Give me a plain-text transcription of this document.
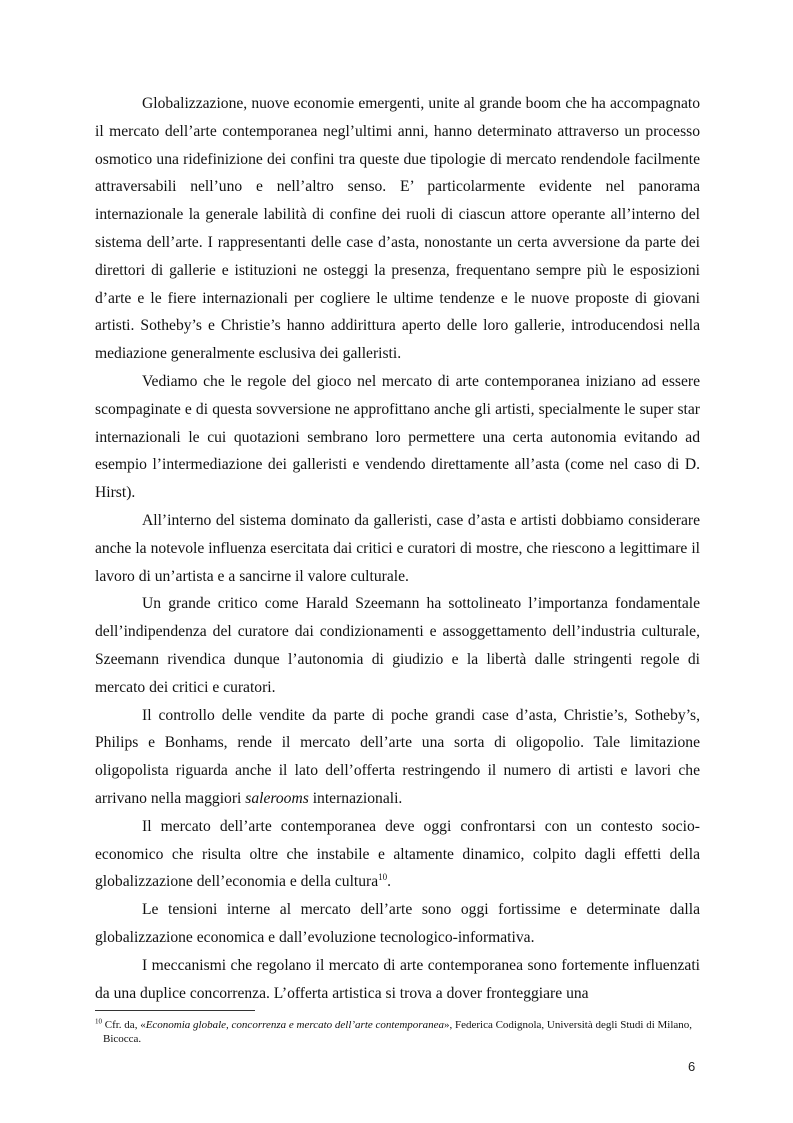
Globalizzazione, nuove economie emergenti, unite al grande boom che ha accompagnato il mercato dell’arte contemporanea negl’ultimi anni, hanno determinato attraverso un processo osmotico una ridefinizione dei confini tra queste due tipologie di mercato rendendole facilmente attraversabili nell’uno e nell’altro senso. E’ particolarmente evidente nel panorama internazionale la generale labilità di confine dei ruoli di ciascun attore operante all’interno del sistema dell’arte. I rappresentanti delle case d’asta, nonostante un certa avversione da parte dei direttori di gallerie e istituzioni ne osteggi la presenza, frequentano sempre più le esposizioni d’arte e le fiere internazionali per cogliere le ultime tendenze e le nuove proposte di giovani artisti. Sotheby’s e Christie’s hanno addirittura aperto delle loro gallerie, introducendosi nella mediazione generalmente esclusiva dei galleristi.

Vediamo che le regole del gioco nel mercato di arte contemporanea iniziano ad essere scompaginate e di questa sovversione ne approfittano anche gli artisti, specialmente le super star internazionali le cui quotazioni sembrano loro permettere una certa autonomia evitando ad esempio l’intermediazione dei galleristi e vendendo direttamente all’asta (come nel caso di D. Hirst).

All’interno del sistema dominato da galleristi, case d’asta e artisti dobbiamo considerare anche la notevole influenza esercitata dai critici e curatori di mostre, che riescono a legittimare il lavoro di un’artista e a sancirne il valore culturale.

Un grande critico come Harald Szeemann ha sottolineato l’importanza fondamentale dell’indipendenza del curatore dai condizionamenti e assoggettamento dell’industria culturale, Szeemann rivendica dunque l’autonomia di giudizio e la libertà dalle stringenti regole di mercato dei critici e curatori.

Il controllo delle vendite da parte di poche grandi case d’asta, Christie’s, Sotheby’s, Philips e Bonhams, rende il mercato dell’arte una sorta di oligopolio. Tale limitazione oligopolista riguarda anche il lato dell’offerta restringendo il numero di artisti e lavori che arrivano nella maggiori salerooms internazionali.

Il mercato dell’arte contemporanea deve oggi confrontarsi con un contesto socio-economico che risulta oltre che instabile e altamente dinamico, colpito dagli effetti della globalizzazione dell’economia e della cultura$^{10}$.

Le tensioni interne al mercato dell’arte sono oggi fortissime e determinate dalla globalizzazione economica e dall’evoluzione tecnologico-informativa.

I meccanismi che regolano il mercato di arte contemporanea sono fortemente influenzati da una duplice concorrenza. L’offerta artistica si trova a dover fronteggiare una

$^{10}$ Cfr. da, «Economia globale, concorrenza e mercato dell’arte contemporanea», Federica Codignola, Università degli Studi di Milano, Bicocca.

6
